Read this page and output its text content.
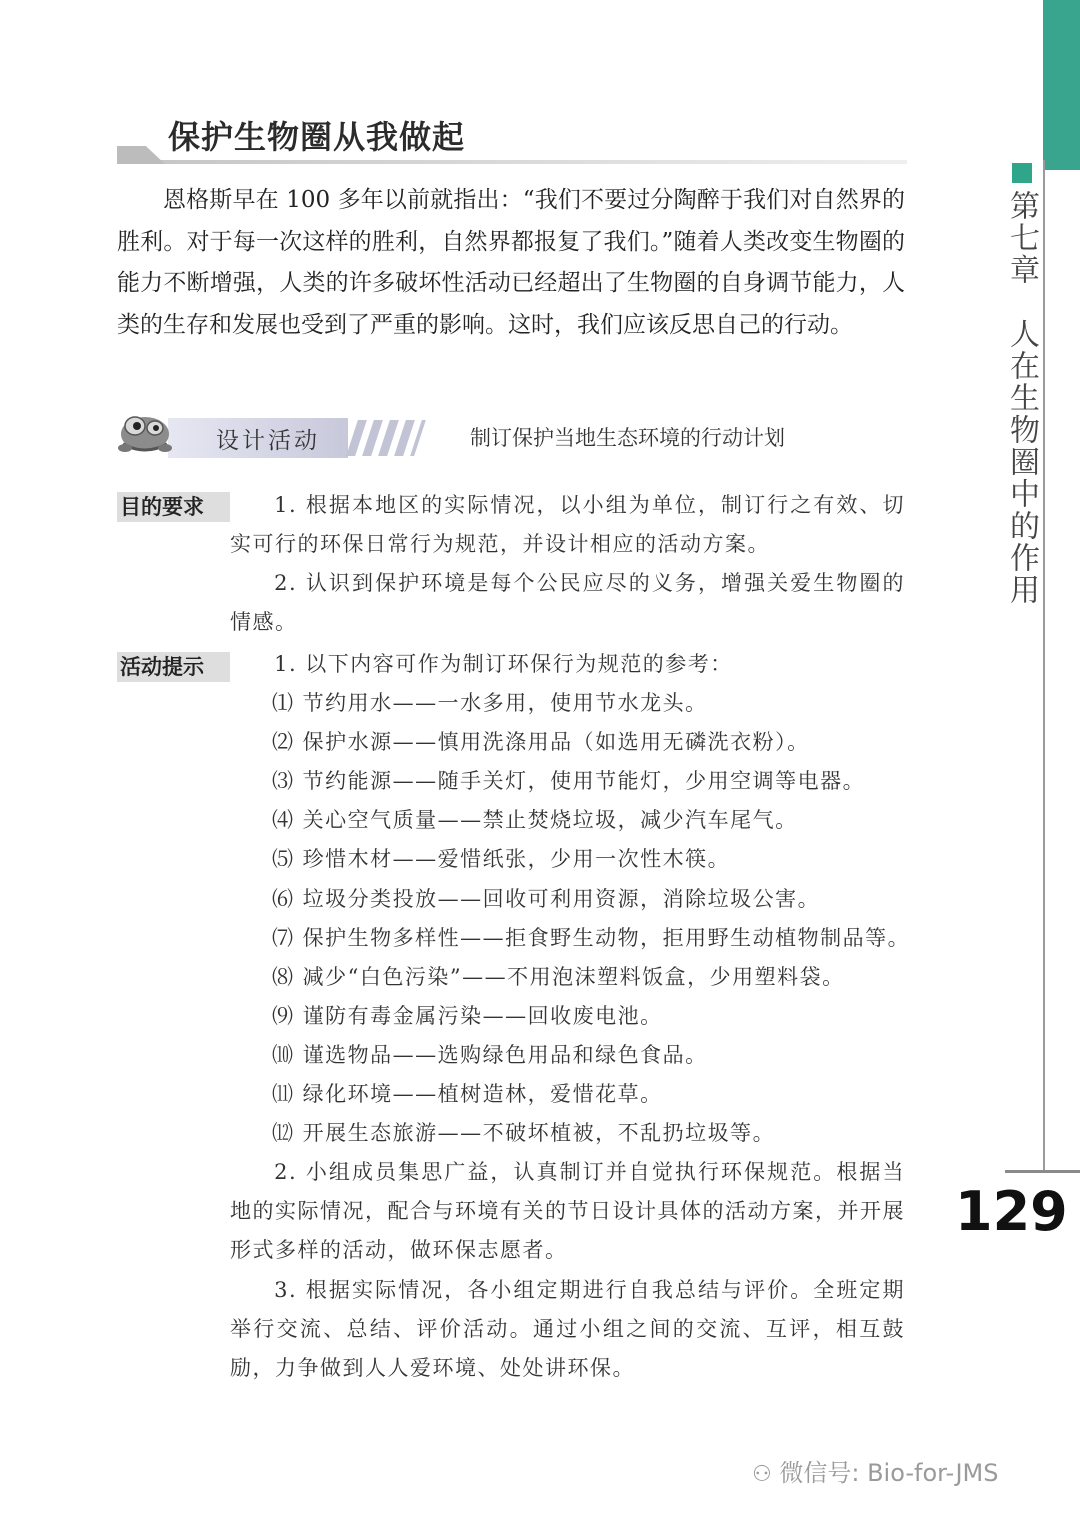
第七章　人在生物圈中的作用
129
保护生物圈从我做起

恩格斯早在 100 多年以前就指出：“我们不要过分陶醉于我们对自然界的胜利。对于每一次这样的胜利，自然界都报复了我们。”随着人类改变生物圈的能力不断增强，人类的许多破坏性活动已经超出了生物圈的自身调节能力，人类的生存和发展也受到了严重的影响。这时，我们应该反思自己的行动。

设计活动	制订保护当地生态环境的行动计划
目的要求	1. 根据本地区的实际情况，以小组为单位，制订行之有效、切实可行的环保日常行为规范，并设计相应的活动方案。

2. 认识到保护环境是每个公民应尽的义务，增强关爱生物圈的情感。

活动提示	1. 以下内容可作为制订环保行为规范的参考：

⑴ 节约用水——一水多用，使用节水龙头。

⑵ 保护水源——慎用洗涤用品（如选用无磷洗衣粉）。

⑶ 节约能源——随手关灯，使用节能灯，少用空调等电器。

⑷ 关心空气质量——禁止焚烧垃圾，减少汽车尾气。

⑸ 珍惜木材——爱惜纸张，少用一次性木筷。

⑹ 垃圾分类投放——回收可利用资源，消除垃圾公害。

⑺ 保护生物多样性——拒食野生动物，拒用野生动植物制品等。

⑻ 减少“白色污染”——不用泡沫塑料饭盒，少用塑料袋。

⑼ 谨防有毒金属污染——回收废电池。

⑽ 谨选物品——选购绿色用品和绿色食品。

⑾ 绿化环境——植树造林，爱惜花草。

⑿ 开展生态旅游——不破坏植被，不乱扔垃圾等。

2. 小组成员集思广益，认真制订并自觉执行环保规范。根据当地的实际情况，配合与环境有关的节日设计具体的活动方案，并开展形式多样的活动，做环保志愿者。

3. 根据实际情况，各小组定期进行自我总结与评价。全班定期举行交流、总结、评价活动。通过小组之间的交流、互评，相互鼓励，力争做到人人爱环境、处处讲环保。

⚇ 微信号: Bio-for-JMS
